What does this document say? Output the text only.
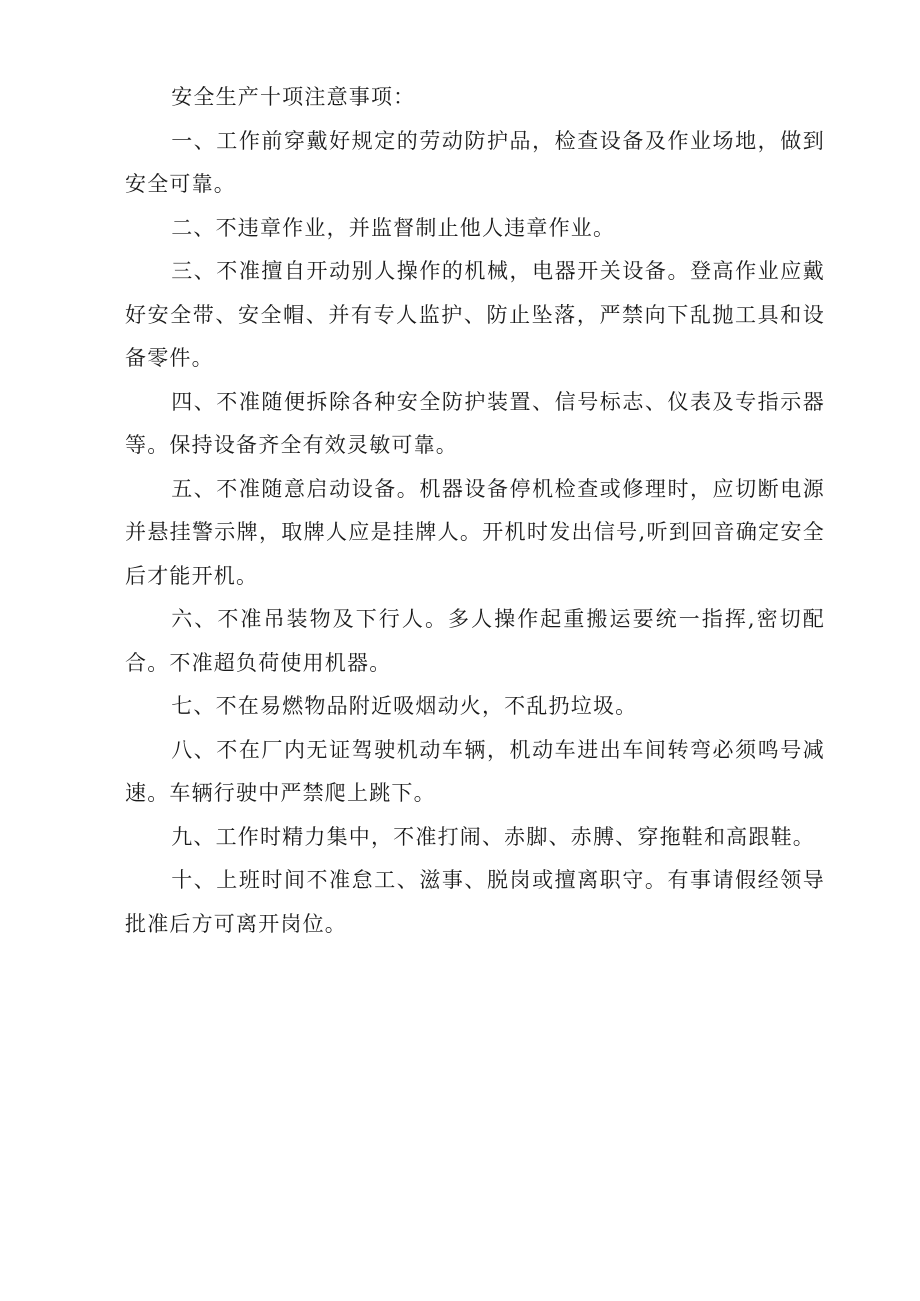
安全生产十项注意事项：

一、工作前穿戴好规定的劳动防护品，检查设备及作业场地，做到安全可靠。

二、不违章作业，并监督制止他人违章作业。

三、不准擅自开动别人操作的机械，电器开关设备。登高作业应戴好安全带、安全帽、并有专人监护、防止坠落，严禁向下乱抛工具和设备零件。

四、不准随便拆除各种安全防护装置、信号标志、仪表及专指示器等。保持设备齐全有效灵敏可靠。

五、不准随意启动设备。机器设备停机检查或修理时，应切断电源并悬挂警示牌，取牌人应是挂牌人。开机时发出信号,听到回音确定安全后才能开机。

六、不准吊装物及下行人。多人操作起重搬运要统一指挥,密切配合。不准超负荷使用机器。

七、不在易燃物品附近吸烟动火，不乱扔垃圾。

八、不在厂内无证驾驶机动车辆，机动车进出车间转弯必须鸣号减速。车辆行驶中严禁爬上跳下。

九、工作时精力集中，不准打闹、赤脚、赤膊、穿拖鞋和高跟鞋。

十、上班时间不准怠工、滋事、脱岗或擅离职守。有事请假经领导批准后方可离开岗位。
